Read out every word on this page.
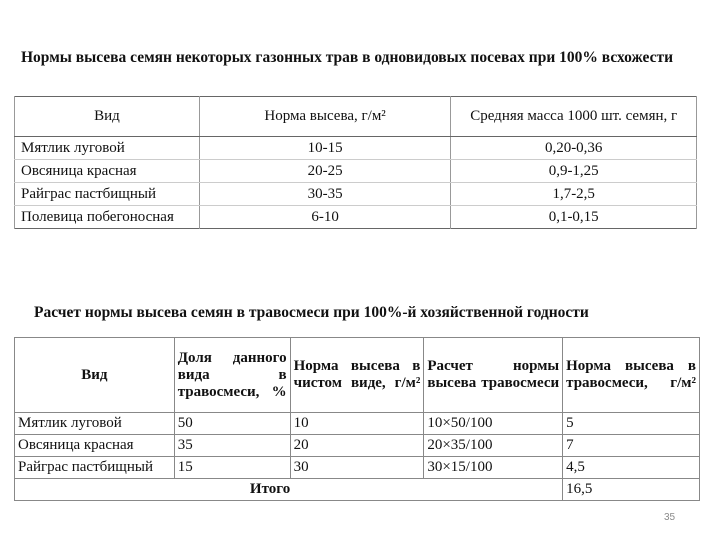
Нормы высева семян некоторых газонных трав в одновидовых посевах при 100% всхожести

Вид	Норма высева, г/м²	Средняя масса 1000 шт. семян, г
Мятлик луговой	10-15	0,20-0,36
Овсяница красная	20-25	0,9-1,25
Райграс пастбищный	30-35	1,7-2,5
Полевица побегоносная	6-10	0,1-0,15

Расчет нормы высева семян в травосмеси при 100%-й хозяйственной годности

Вид	Доля данного вида в травосмеси, %	Норма высева в чистом виде, г/м²	Расчет нормы высева травосмеси	Норма высева в травосмеси, г/м²

Мятлик луговой	50	10	10×50/100	5
Овсяница красная	35	20	20×35/100	7
Райграс пастбищный	15	30	30×15/100	4,5
Итого				16,5
35
